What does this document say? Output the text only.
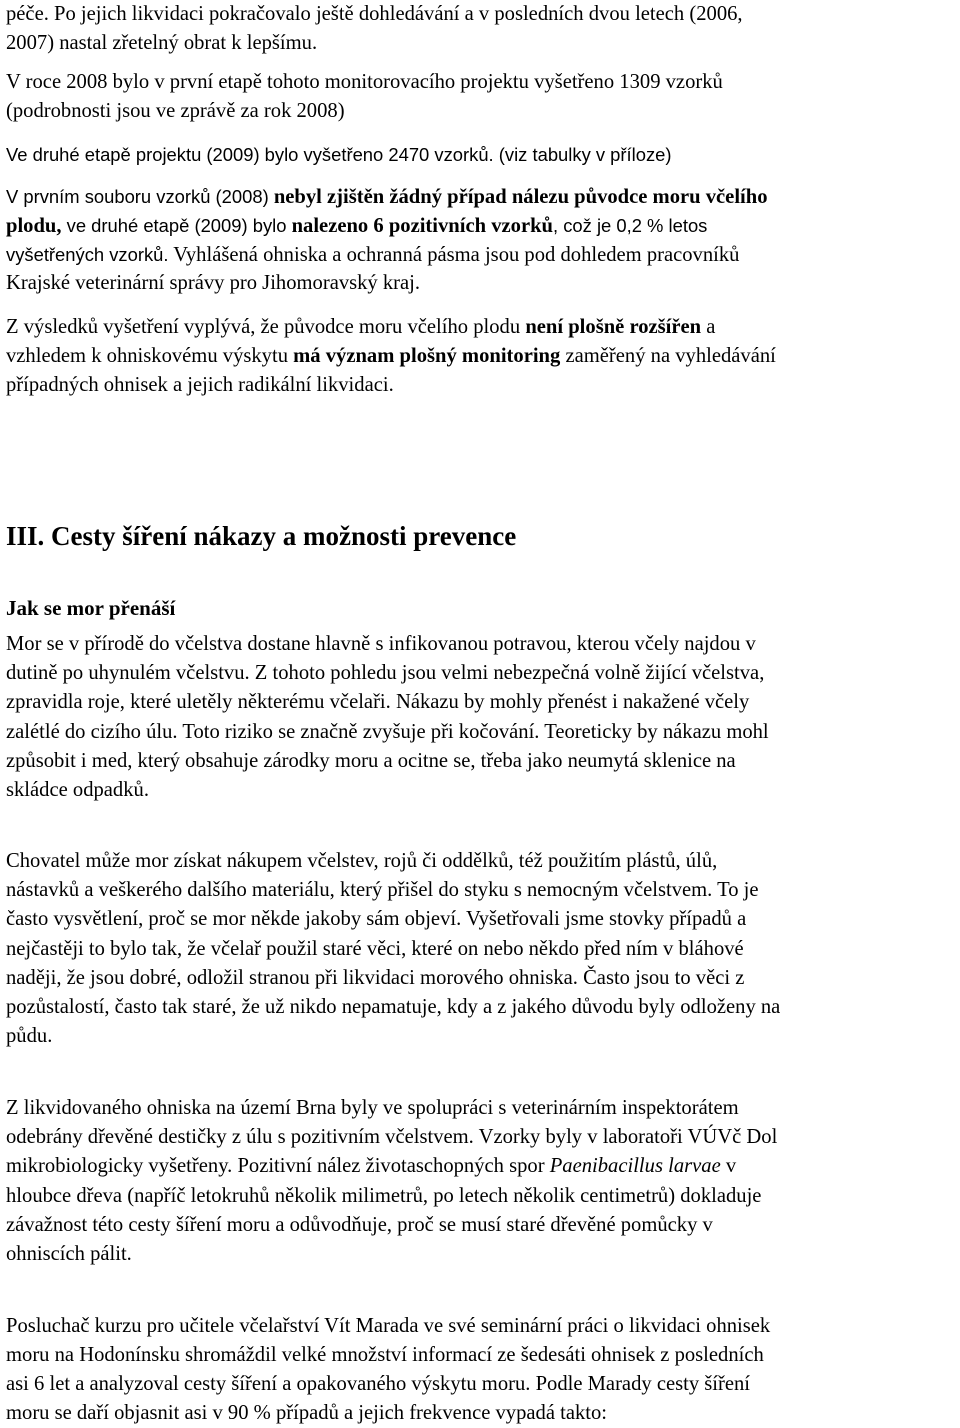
péče. Po jejich likvidaci pokračovalo ještě dohledávání a v posledních dvou letech (2006,
2007) nastal zřetelný obrat k lepšímu.
V roce 2008 bylo v první etapě tohoto monitorovacího projektu vyšetřeno 1309 vzorků
(podrobnosti jsou ve zprávě za rok 2008)
Ve druhé etapě projektu (2009) bylo vyšetřeno 2470 vzorků. (viz tabulky v příloze)
V prvním souboru vzorků (2008) nebyl zjištěn žádný případ nálezu původce moru včelího
plodu, ve druhé etapě (2009) bylo nalezeno 6 pozitivních vzorků, což je 0,2 % letos
vyšetřených vzorků. Vyhlášená ohniska a ochranná pásma jsou pod dohledem pracovníků
Krajské veterinární správy pro Jihomoravský kraj.
Z výsledků vyšetření vyplývá, že původce moru včelího plodu není plošně rozšířen a
vzhledem k ohniskovému výskytu má význam plošný monitoring zaměřený na vyhledávání
případných ohnisek a jejich radikální likvidaci.
III. Cesty šíření nákazy a možnosti prevence
Jak se mor přenáší
Mor se v přírodě do včelstva dostane hlavně s infikovanou potravou, kterou včely najdou v
dutině po uhynulém včelstvu. Z tohoto pohledu jsou velmi nebezpečná volně žijící včelstva,
zpravidla roje, které uletěly některému včelaři. Nákazu by mohly přenést i nakažené včely
zalétlé do cizího úlu. Toto riziko se značně zvyšuje při kočování. Teoreticky by nákazu mohl
způsobit i med, který obsahuje zárodky moru a ocitne se, třeba jako neumytá sklenice na
skládce odpadků.
Chovatel může mor získat nákupem včelstev, rojů či oddělků, též použitím plástů, úlů,
nástavků a veškerého dalšího materiálu, který přišel do styku s nemocným včelstvem. To je
často vysvětlení, proč se mor někde jakoby sám objeví. Vyšetřovali jsme stovky případů a
nejčastěji to bylo tak, že včelař použil staré věci, které on nebo někdo před ním v bláhové
naději, že jsou dobré, odložil stranou při likvidaci morového ohniska. Často jsou to věci z
pozůstalostí, často tak staré, že už nikdo nepamatuje, kdy a z jakého důvodu byly odloženy na
půdu.
Z likvidovaného ohniska na území Brna byly ve spolupráci s veterinárním inspektorátem
odebrány dřevěné destičky z úlu s pozitivním včelstvem. Vzorky byly v laboratoři VÚVč Dol
mikrobiologicky vyšetřeny. Pozitivní nález životaschopných spor Paenibacillus larvae v
hloubce dřeva (napříč letokruhů několik milimetrů, po letech několik centimetrů) dokladuje
závažnost této cesty šíření moru a odůvodňuje, proč se musí staré dřevěné pomůcky v
ohniscích pálit.
Posluchač kurzu pro učitele včelařství Vít Marada ve své seminární práci o likvidaci ohnisek
moru na Hodonínsku shromáždil velké množství informací ze šedesáti ohnisek z posledních
asi 6 let a analyzoval cesty šíření a opakovaného výskytu moru. Podle Marady cesty šíření
moru se daří objasnit asi v 90 % případů a jejich frekvence vypadá takto:
